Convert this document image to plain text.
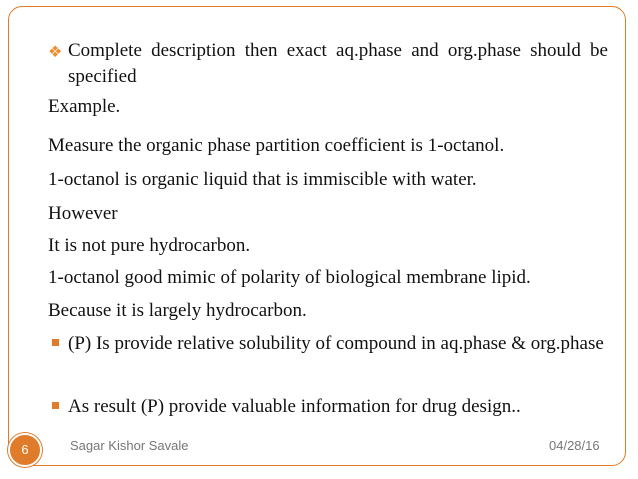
❖ Complete description then exact aq.phase and org.phase should be specified
Example.
Measure the organic phase partition coefficient is 1-octanol.
1-octanol is organic liquid that is immiscible with water.
However
It is not pure hydrocarbon.
1-octanol good mimic of polarity of biological membrane lipid.
Because it is largely hydrocarbon.
(P) Is provide relative solubility of compound in aq.phase & org.phase
As result (P) provide valuable information for drug design..
6	Sagar Kishor Savale	04/28/16
